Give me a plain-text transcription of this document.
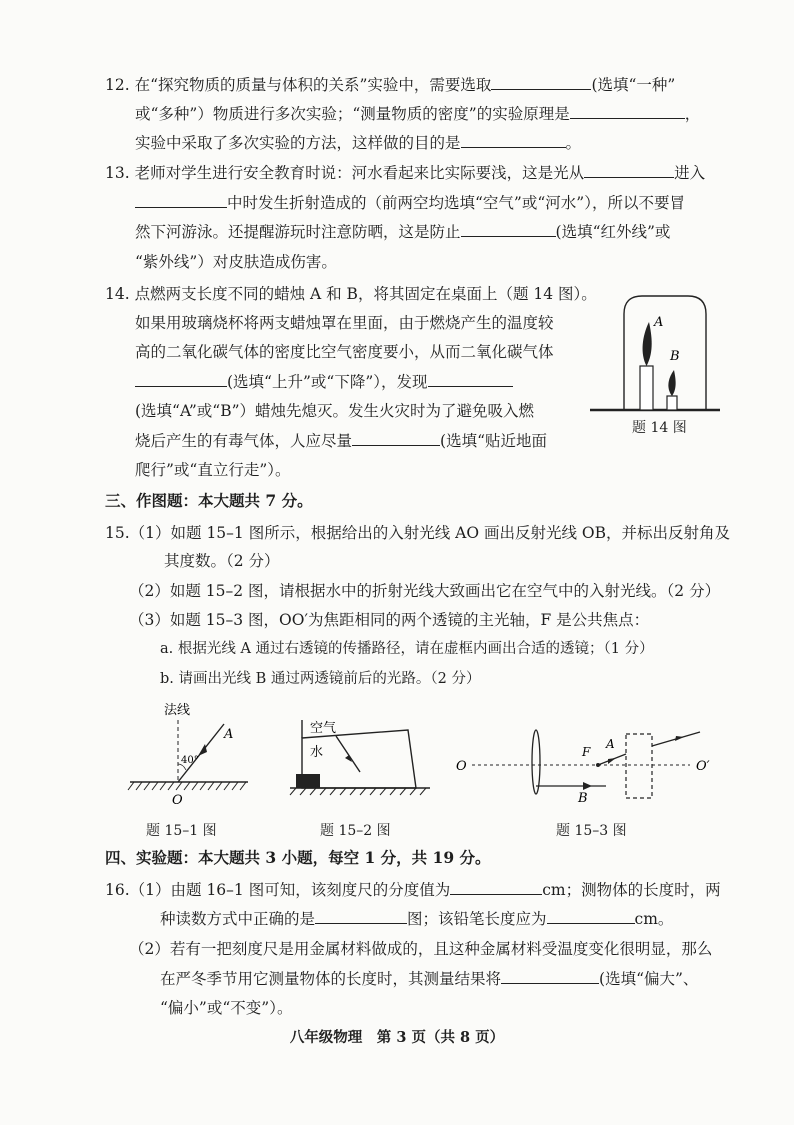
12. 在“探究物质的质量与体积的关系”实验中，需要选取	(选填“一种”
或“多种”）物质进行多次实验；“测量物质的密度”的实验原理是	，
实验中采取了多次实验的方法，这样做的目的是	。
13. 老师对学生进行安全教育时说：河水看起来比实际要浅，这是光从	进入
中时发生折射造成的（前两空均选填“空气”或“河水”），所以不要冒
然下河游泳。还提醒游玩时注意防晒，这是防止	(选填“红外线”或
“紫外线”）对皮肤造成伤害。
14. 点燃两支长度不同的蜡烛 A 和 B，将其固定在桌面上（题 14 图）。
如果用玻璃烧杯将两支蜡烛罩在里面，由于燃烧产生的温度较
高的二氧化碳气体的密度比空气密度要小，从而二氧化碳气体
(选填“上升”或“下降”），发现
(选填“A”或“B”）蜡烛先熄灭。发生火灾时为了避免吸入燃
烧后产生的有毒气体，人应尽量	(选填“贴近地面
爬行”或“直立行走”）。
A
B
题 14 图
三、作图题：本大题共 7 分。
15.（1）如题 15–1 图所示，根据给出的入射光线 AO 画出反射光线 OB，并标出反射角及
其度数。（2 分）
（2）如题 15–2 图，请根据水中的折射光线大致画出它在空气中的入射光线。（2 分）
（3）如题 15–3 图，OO′为焦距相同的两个透镜的主光轴，F 是公共焦点：
a. 根据光线 A 通过右透镜的传播路径，请在虚框内画出合适的透镜；（1 分）
b. 请画出光线 B 通过两透镜前后的光路。（2 分）
法线
40°
A
O
题 15–1 图
空气
水
题 15–2 图
O	O′
F
A
B
题 15–3 图
四、实验题：本大题共 3 小题，每空 1 分，共 19 分。
16.（1）由题 16–1 图可知，该刻度尺的分度值为	cm；测物体的长度时，两
种读数方式中正确的是	图；该铅笔长度应为	cm。
（2）若有一把刻度尺是用金属材料做成的，且这种金属材料受温度变化很明显，那么
在严冬季节用它测量物体的长度时，其测量结果将	(选填“偏大”、
“偏小”或“不变”）。
八年级物理　第 3 页（共 8 页）
